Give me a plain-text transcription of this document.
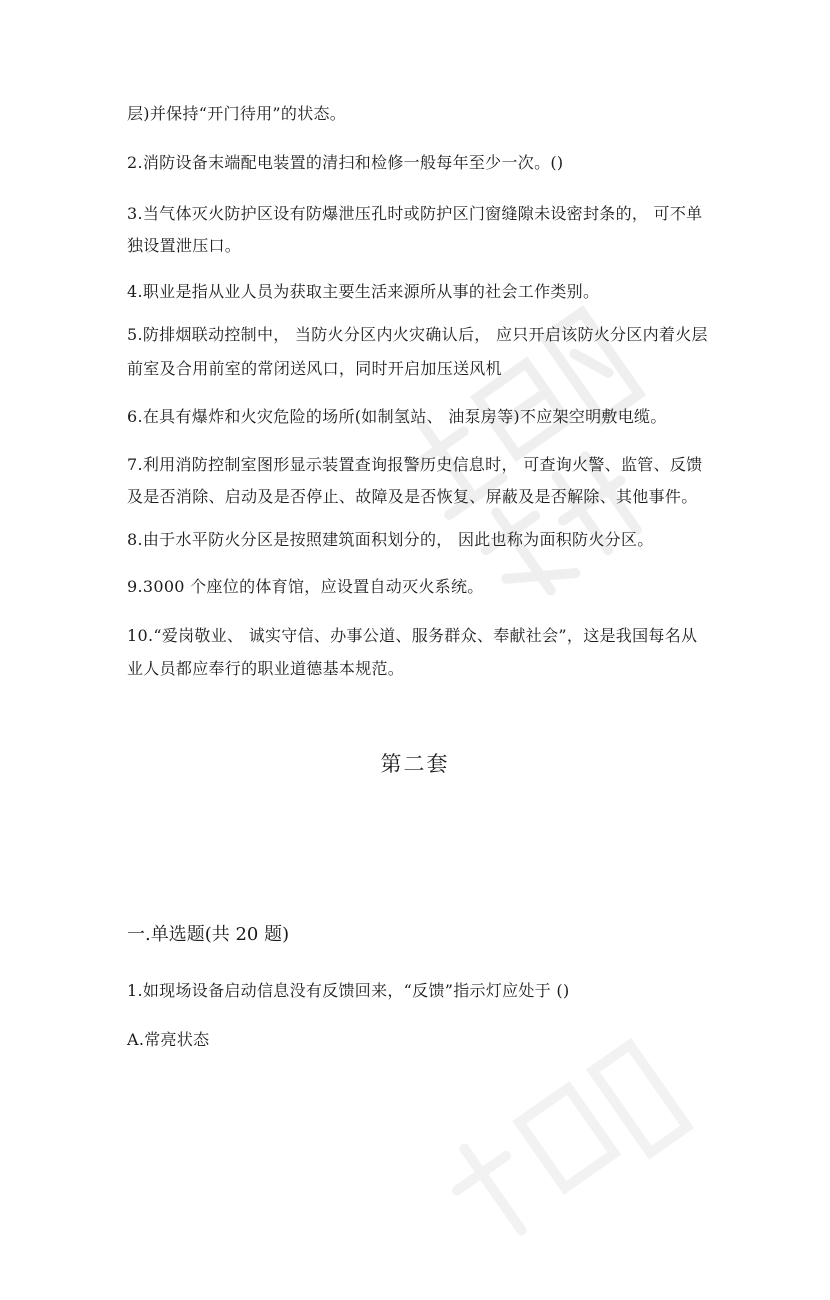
层)并保持“开门待用”的状态。
2.消防设备末端配电装置的清扫和检修一般每年至少一次。()
3.当气体灭火防护区设有防爆泄压孔时或防护区门窗缝隙未设密封条的， 可不单
独设置泄压口。
4.职业是指从业人员为获取主要生活来源所从事的社会工作类别。
5.防排烟联动控制中， 当防火分区内火灾确认后， 应只开启该防火分区内着火层
前室及合用前室的常闭送风口，同时开启加压送风机
6.在具有爆炸和火灾危险的场所(如制氢站、 油泵房等)不应架空明敷电缆。
7.利用消防控制室图形显示装置查询报警历史信息时， 可查询火警、监管、反馈
及是否消除、启动及是否停止、故障及是否恢复、屏蔽及是否解除、其他事件。
8.由于水平防火分区是按照建筑面积划分的， 因此也称为面积防火分区。
9.3000 个座位的体育馆，应设置自动灭火系统。
10.“爱岗敬业、 诚实守信、办事公道、服务群众、奉献社会”，这是我国每名从
业人员都应奉行的职业道德基本规范。
第二套
一.单选题(共 20 题)
1.如现场设备启动信息没有反馈回来，“反馈”指示灯应处于 ()
A.常亮状态
